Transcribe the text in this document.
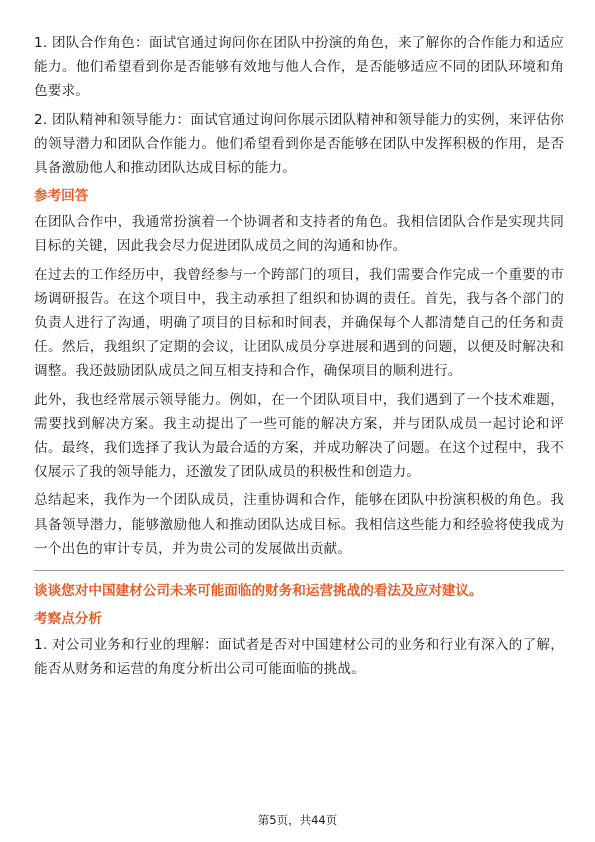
1. 团队合作角色：面试官通过询问你在团队中扮演的角色，来了解你的合作能力和适应能力。他们希望看到你是否能够有效地与他人合作，是否能够适应不同的团队环境和角色要求。

2. 团队精神和领导能力：面试官通过询问你展示团队精神和领导能力的实例，来评估你的领导潜力和团队合作能力。他们希望看到你是否能够在团队中发挥积极的作用，是否具备激励他人和推动团队达成目标的能力。

参考回答

在团队合作中，我通常扮演着一个协调者和支持者的角色。我相信团队合作是实现共同目标的关键，因此我会尽力促进团队成员之间的沟通和协作。

在过去的工作经历中，我曾经参与一个跨部门的项目，我们需要合作完成一个重要的市场调研报告。在这个项目中，我主动承担了组织和协调的责任。首先，我与各个部门的负责人进行了沟通，明确了项目的目标和时间表，并确保每个人都清楚自己的任务和责任。然后，我组织了定期的会议，让团队成员分享进展和遇到的问题，以便及时解决和调整。我还鼓励团队成员之间互相支持和合作，确保项目的顺利进行。

此外，我也经常展示领导能力。例如，在一个团队项目中，我们遇到了一个技术难题，需要找到解决方案。我主动提出了一些可能的解决方案，并与团队成员一起讨论和评估。最终，我们选择了我认为最合适的方案，并成功解决了问题。在这个过程中，我不仅展示了我的领导能力，还激发了团队成员的积极性和创造力。

总结起来，我作为一个团队成员，注重协调和合作，能够在团队中扮演积极的角色。我具备领导潜力，能够激励他人和推动团队达成目标。我相信这些能力和经验将使我成为一个出色的审计专员，并为贵公司的发展做出贡献。

谈谈您对中国建材公司未来可能面临的财务和运营挑战的看法及应对建议。
考察点分析

1. 对公司业务和行业的理解：面试者是否对中国建材公司的业务和行业有深入的了解，能否从财务和运营的角度分析出公司可能面临的挑战。

第5页，共44页
